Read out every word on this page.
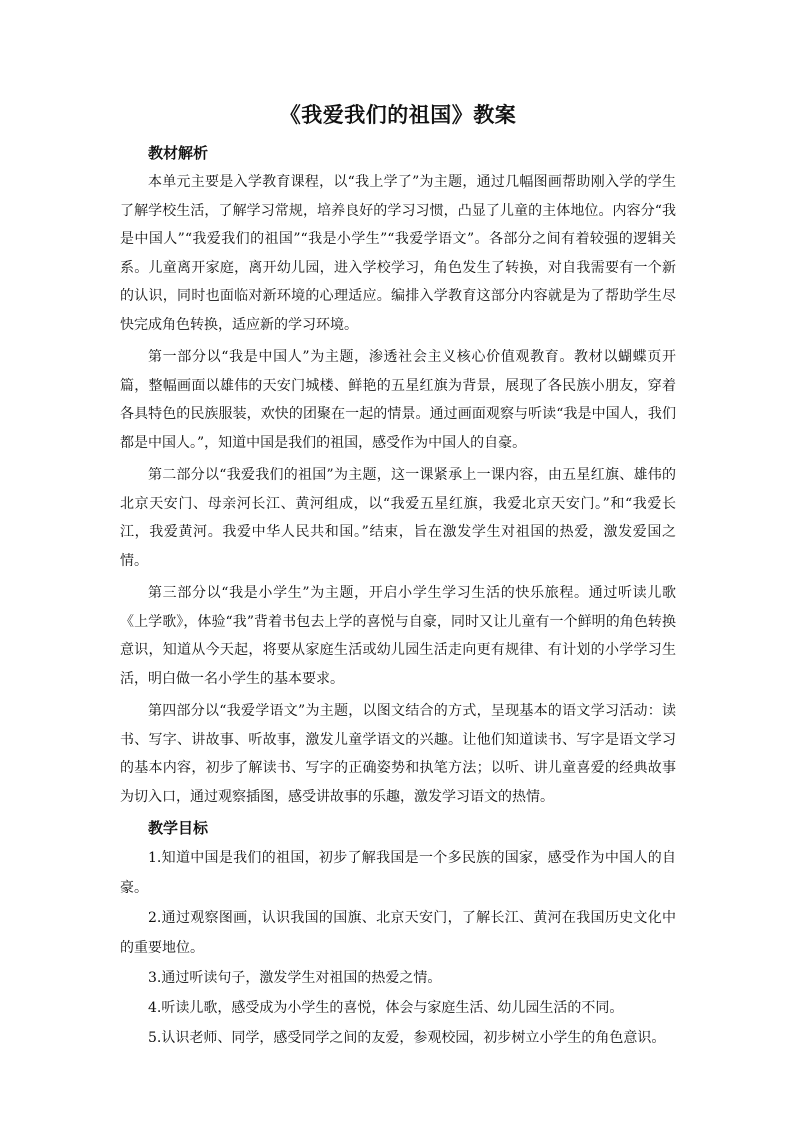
《我爱我们的祖国》教案
教材解析

本单元主要是入学教育课程，以“我上学了”为主题，通过几幅图画帮助刚入学的学生了解学校生活，了解学习常规，培养良好的学习习惯，凸显了儿童的主体地位。内容分“我是中国人”“我爱我们的祖国”“我是小学生”“我爱学语文”。各部分之间有着较强的逻辑关系。儿童离开家庭，离开幼儿园，进入学校学习，角色发生了转换，对自我需要有一个新的认识，同时也面临对新环境的心理适应。编排入学教育这部分内容就是为了帮助学生尽快完成角色转换，适应新的学习环境。

第一部分以“我是中国人”为主题，渗透社会主义核心价值观教育。教材以蝴蝶页开篇，整幅画面以雄伟的天安门城楼、鲜艳的五星红旗为背景，展现了各民族小朋友，穿着各具特色的民族服装，欢快的团聚在一起的情景。通过画面观察与听读“我是中国人，我们都是中国人。”，知道中国是我们的祖国，感受作为中国人的自豪。

第二部分以“我爱我们的祖国”为主题，这一课紧承上一课内容，由五星红旗、雄伟的北京天安门、母亲河长江、黄河组成，以“我爱五星红旗，我爱北京天安门。”和“我爱长江，我爱黄河。我爱中华人民共和国。”结束，旨在激发学生对祖国的热爱，激发爱国之情。

第三部分以“我是小学生”为主题，开启小学生学习生活的快乐旅程。通过听读儿歌《上学歌》，体验“我”背着书包去上学的喜悦与自豪，同时又让儿童有一个鲜明的角色转换意识，知道从今天起，将要从家庭生活或幼儿园生活走向更有规律、有计划的小学学习生活，明白做一名小学生的基本要求。

第四部分以“我爱学语文”为主题，以图文结合的方式，呈现基本的语文学习活动：读书、写字、讲故事、听故事，激发儿童学语文的兴趣。让他们知道读书、写字是语文学习的基本内容，初步了解读书、写字的正确姿势和执笔方法；以听、讲儿童喜爱的经典故事为切入口，通过观察插图，感受讲故事的乐趣，激发学习语文的热情。

教学目标
1.知道中国是我们的祖国，初步了解我国是一个多民族的国家，感受作为中国人的自豪。
2.通过观察图画，认识我国的国旗、北京天安门，了解长江、黄河在我国历史文化中的重要地位。
3.通过听读句子，激发学生对祖国的热爱之情。
4.听读儿歌，感受成为小学生的喜悦，体会与家庭生活、幼儿园生活的不同。
5.认识老师、同学，感受同学之间的友爱，参观校园，初步树立小学生的角色意识。
